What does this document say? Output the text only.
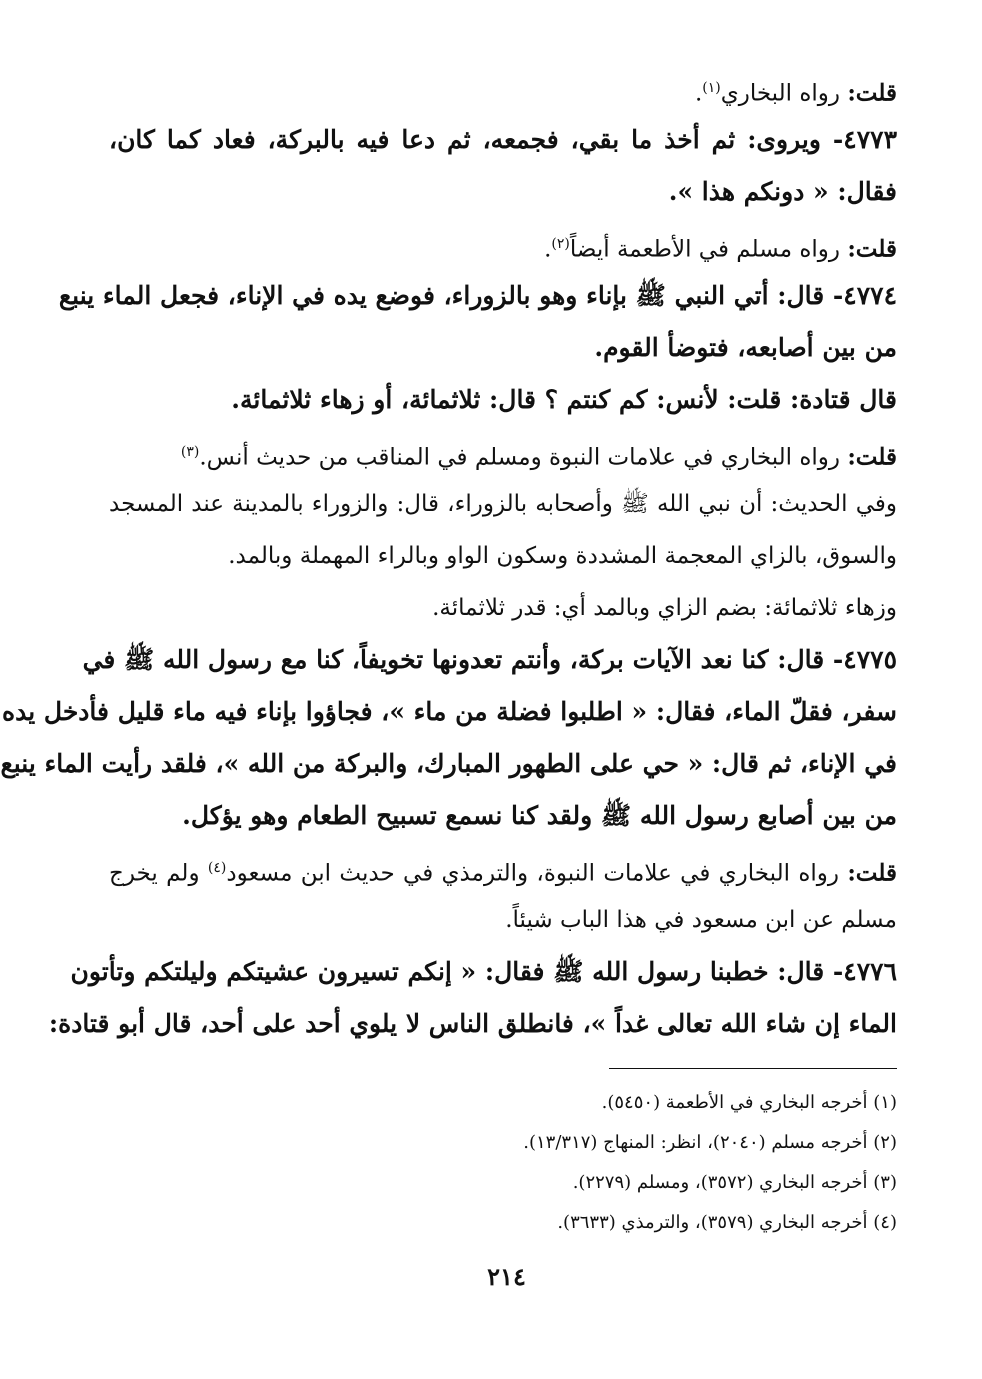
قلت: رواه البخاري$^{(١)}$.
٤٧٧٣- ويروى: ثم أخذ ما بقي، فجمعه، ثم دعا فيه بالبركة، فعاد كما كان،
فقال: « دونكم هذا ».
قلت: رواه مسلم في الأطعمة أيضاً$^{(٢)}$.
٤٧٧٤- قال: أتي النبي ﷺ بإناء وهو بالزوراء، فوضع يده في الإناء، فجعل الماء ينبع
من بين أصابعه، فتوضأ القوم.
قال قتادة: قلت: لأنس: كم كنتم ؟ قال: ثلاثمائة، أو زهاء ثلاثمائة.
قلت: رواه البخاري في علامات النبوة ومسلم في المناقب من حديث أنس.$^{(٣)}$
وفي الحديث: أن نبي الله ﷺ وأصحابه بالزوراء، قال: والزوراء بالمدينة عند المسجد
والسوق، بالزاي المعجمة المشددة وسكون الواو وبالراء المهملة وبالمد.
وزهاء ثلاثمائة: بضم الزاي وبالمد أي: قدر ثلاثمائة.
٤٧٧٥- قال: كنا نعد الآيات بركة، وأنتم تعدونها تخويفاً، كنا مع رسول الله ﷺ في
سفر، فقلّ الماء، فقال: « اطلبوا فضلة من ماء »، فجاؤوا بإناء فيه ماء قليل فأدخل يده
في الإناء، ثم قال: « حي على الطهور المبارك، والبركة من الله »، فلقد رأيت الماء ينبع
من بين أصابع رسول الله ﷺ ولقد كنا نسمع تسبيح الطعام وهو يؤكل.
قلت: رواه البخاري في علامات النبوة، والترمذي في حديث ابن مسعود$^{(٤)}$ ولم يخرج
مسلم عن ابن مسعود في هذا الباب شيئاً.
٤٧٧٦- قال: خطبنا رسول الله ﷺ فقال: « إنكم تسيرون عشيتكم وليلتكم وتأتون
الماء إن شاء الله تعالى غداً »، فانطلق الناس لا يلوي أحد على أحد، قال أبو قتادة:
(١) أخرجه البخاري في الأطعمة (٥٤٥٠).
(٢) أخرجه مسلم (٢٠٤٠)، انظر: المنهاج (١٣/٣١٧).
(٣) أخرجه البخاري (٣٥٧٢)، ومسلم (٢٢٧٩).
(٤) أخرجه البخاري (٣٥٧٩)، والترمذي (٣٦٣٣).
٢١٤
